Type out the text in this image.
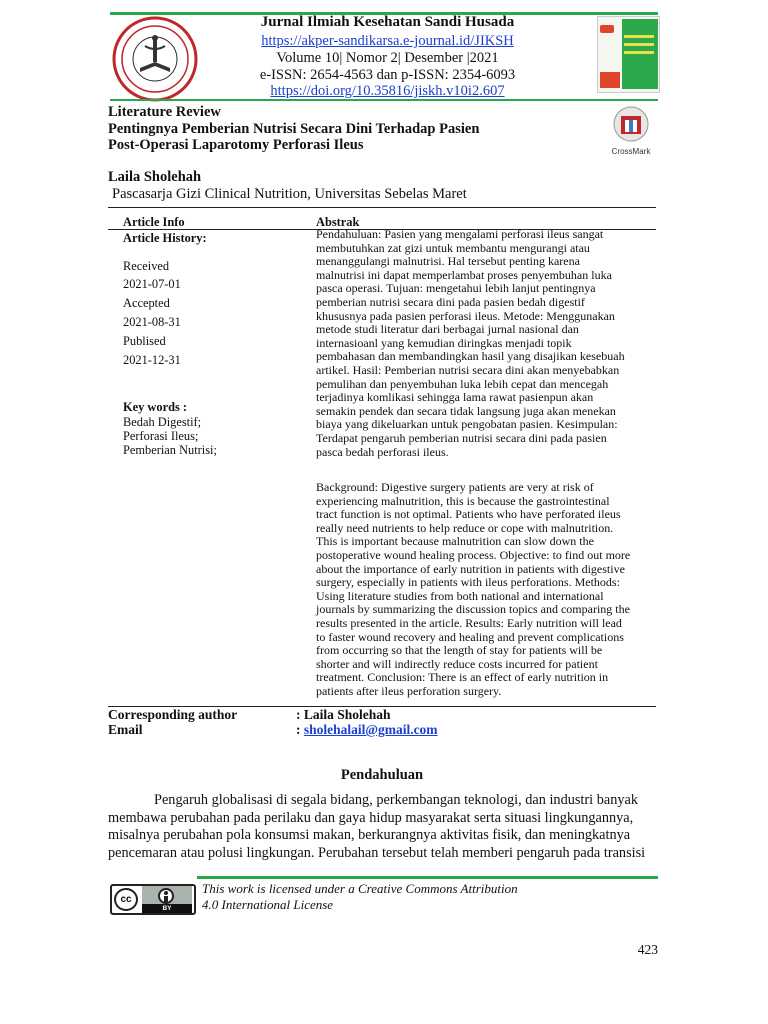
Jurnal Ilmiah Kesehatan Sandi Husada
https://akper-sandikarsa.e-journal.id/JIKSH
Volume 10| Nomor 2| Desember |2021
e-ISSN: 2654-4563 dan p-ISSN: 2354-6093
https://doi.org/10.35816/jiskh.v10i2.607
Literature Review
Pentingnya Pemberian Nutrisi Secara Dini Terhadap Pasien
Post-Operasi Laparotomy Perforasi Ileus	CrossMark
Laila Sholehah
Pascasarja Gizi Clinical Nutrition, Universitas Sebelas Maret
Article Info
Article History:
Received
2021-07-01
Accepted
2021-08-31
Publised
2021-12-31
Key words :
Bedah Digestif;
Perforasi Ileus;
Pemberian Nutrisi;
Abstrak
Pendahuluan: Pasien yang mengalami perforasi ileus sangat
membutuhkan zat gizi untuk membantu mengurangi atau
menanggulangi malnutrisi. Hal tersebut penting karena
malnutrisi ini dapat memperlambat proses penyembuhan luka
pasca operasi. Tujuan: mengetahui lebih lanjut pentingnya
pemberian nutrisi secara dini pada pasien bedah digestif
khususnya pada pasien perforasi ileus. Metode: Menggunakan
metode studi literatur dari berbagai jurnal nasional dan
internasioanl yang kemudian diringkas menjadi topik
pembahasan dan membandingkan hasil yang disajikan kesebuah
artikel. Hasil: Pemberian nutrisi secara dini akan menyebabkan
pemulihan dan penyembuhan luka lebih cepat dan mencegah
terjadinya komlikasi sehingga lama rawat pasienpun akan
semakin pendek dan secara tidak langsung juga akan menekan
biaya yang dikeluarkan untuk pengobatan pasien. Kesimpulan:
Terdapat pengaruh pemberian nutrisi secara dini pada pasien
pasca bedah perforasi ileus.
Background: Digestive surgery patients are very at risk of
experiencing malnutrition, this is because the gastrointestinal
tract function is not optimal. Patients who have perforated ileus
really need nutrients to help reduce or cope with malnutrition.
This is important because malnutrition can slow down the
postoperative wound healing process. Objective: to find out more
about the importance of early nutrition in patients with digestive
surgery, especially in patients with ileus perforations. Methods:
Using literature studies from both national and international
journals by summarizing the discussion topics and comparing the
results presented in the article. Results: Early nutrition will lead
to faster wound recovery and healing and prevent complications
from occurring so that the length of stay for patients will be
shorter and will indirectly reduce costs incurred for patient
treatment. Conclusion: There is an effect of early nutrition in
patients after ileus perforation surgery.
Corresponding author	: Laila Sholehah
Email	: sholehalail@gmail.com
Pendahuluan
Pengaruh globalisasi di segala bidang, perkembangan teknologi, dan industri banyak
membawa perubahan pada perilaku dan gaya hidup masyarakat serta situasi lingkungannya,
misalnya perubahan pola konsumsi makan, berkurangnya aktivitas fisik, dan meningkatnya
pencemaran atau polusi lingkungan. Perubahan tersebut telah memberi pengaruh pada transisi
cc
BY
This work is licensed under a Creative Commons Attribution
4.0 International License
423
